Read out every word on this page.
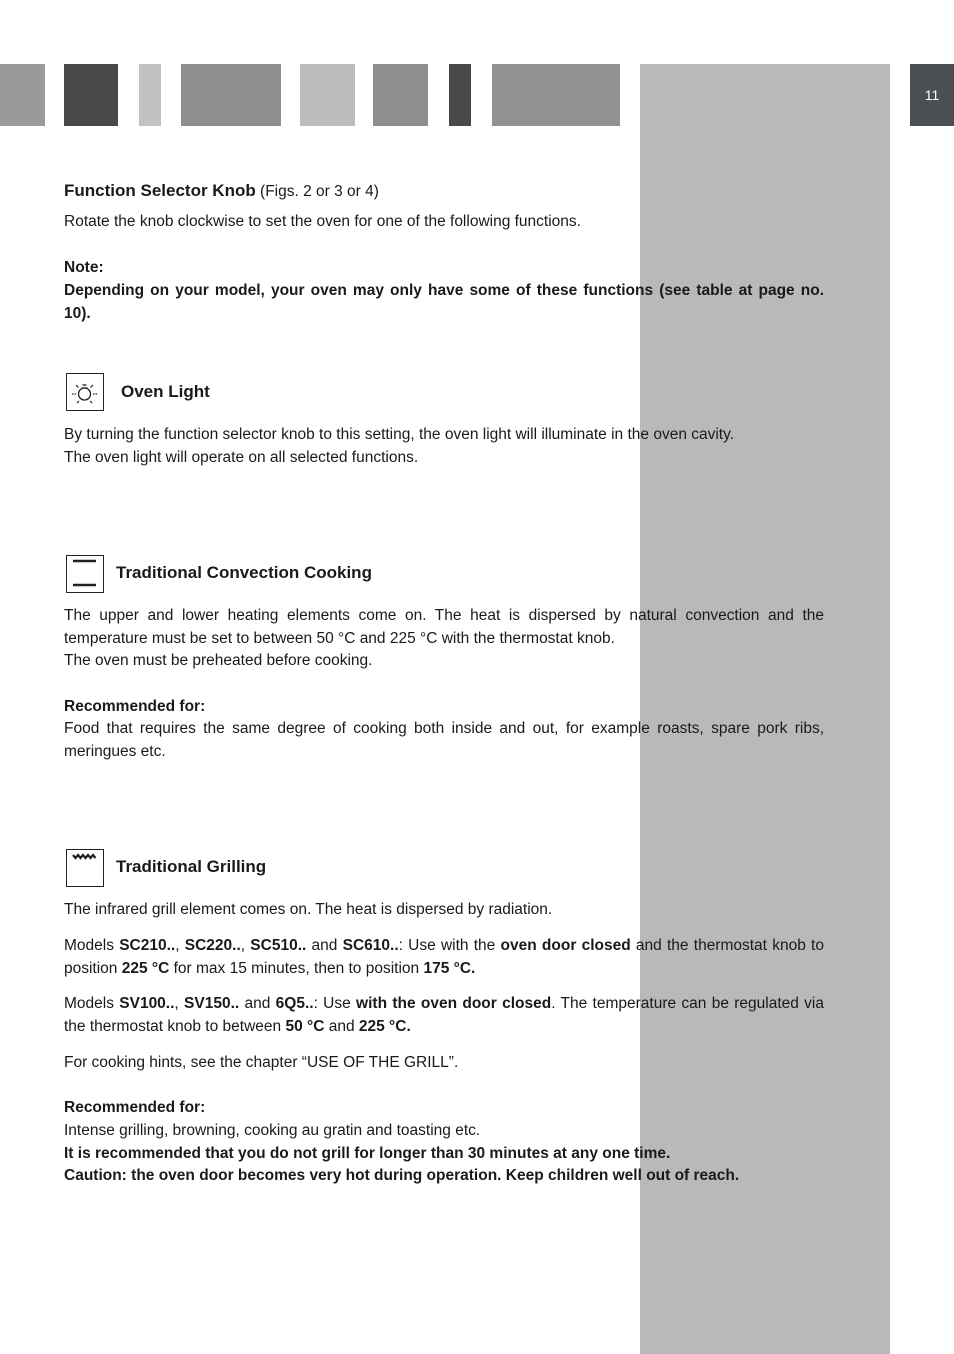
11
Function Selector Knob (Figs. 2 or 3 or 4)

Rotate the knob clockwise to set the oven for one of the following functions.

Note:

Depending on your model, your oven may only have some of these functions (see table at page no. 10).

Oven Light

By turning the function selector knob to this setting, the oven light will illuminate in the oven cavity.

The oven light will operate on all selected functions.

Traditional Convection Cooking

The upper and lower heating elements come on. The heat is dispersed by natural convection and the temperature must be set to between 50 °C and 225 °C with the thermostat knob.

The oven must be preheated before cooking.

Recommended for:

Food that requires the same degree of cooking both inside and out, for example roasts, spare pork ribs, meringues etc.

Traditional Grilling

The infrared grill element comes on. The heat is dispersed by radiation.

Models SC210.., SC220.., SC510.. and SC610..: Use with the oven door closed and the thermostat knob to position 225 °C for max 15 minutes, then to position 175 °C.

Models SV100.., SV150.. and 6Q5..: Use with the oven door closed. The temperature can be regulated via the thermostat knob to between 50 °C and 225 °C.

For cooking hints, see the chapter “USE OF THE GRILL”.

Recommended for:

Intense grilling, browning, cooking au gratin and toasting etc.

It is recommended that you do not grill for longer than 30 minutes at any one time.

Caution: the oven door becomes very hot during operation. Keep children well out of reach.
